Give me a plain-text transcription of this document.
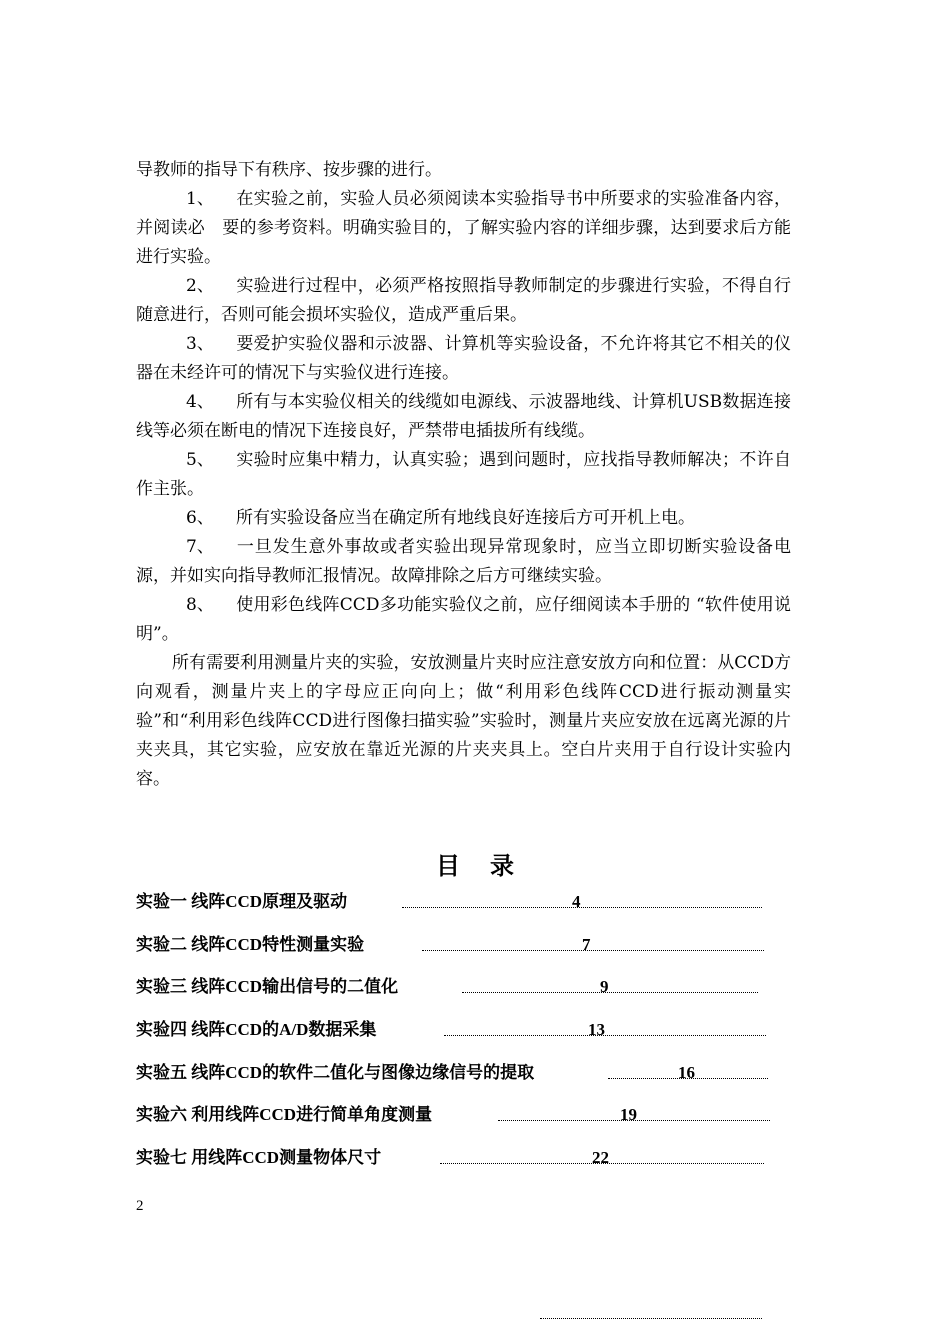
导教师的指导下有秩序、按步骤的进行。

1、 在实验之前，实验人员必须阅读本实验指导书中所要求的实验准备内容，并阅读必　要的参考资料。明确实验目的，了解实验内容的详细步骤，达到要求后方能进行实验。

2、 实验进行过程中，必须严格按照指导教师制定的步骤进行实验，不得自行随意进行，否则可能会损坏实验仪，造成严重后果。

3、 要爱护实验仪器和示波器、计算机等实验设备，不允许将其它不相关的仪器在未经许可的情况下与实验仪进行连接。

4、 所有与本实验仪相关的线缆如电源线、示波器地线、计算机USB数据连接线等必须在断电的情况下连接良好，严禁带电插拔所有线缆。

5、 实验时应集中精力，认真实验；遇到问题时，应找指导教师解决；不许自作主张。

6、 所有实验设备应当在确定所有地线良好连接后方可开机上电。

7、 一旦发生意外事故或者实验出现异常现象时，应当立即切断实验设备电源，并如实向指导教师汇报情况。故障排除之后方可继续实验。

8、 使用彩色线阵CCD多功能实验仪之前，应仔细阅读本手册的 “软件使用说明”。

所有需要利用测量片夹的实验，安放测量片夹时应注意安放方向和位置：从CCD方向观看，测量片夹上的字母应正向向上；做“利用彩色线阵CCD进行振动测量实验”和“利用彩色线阵CCD进行图像扫描实验”实验时，测量片夹应安放在远离光源的片夹夹具，其它实验，应安放在靠近光源的片夹夹具上。空白片夹用于自行设计实验内容。

目录
实验一 线阵CCD原理及驱动	4
实验二 线阵CCD特性测量实验	7
实验三 线阵CCD输出信号的二值化	9
实验四 线阵CCD的A/D数据采集	13
实验五 线阵CCD的软件二值化与图像边缘信号的提取	16
实验六 利用线阵CCD进行简单角度测量	19
实验七 用线阵CCD测量物体尺寸	22
2
